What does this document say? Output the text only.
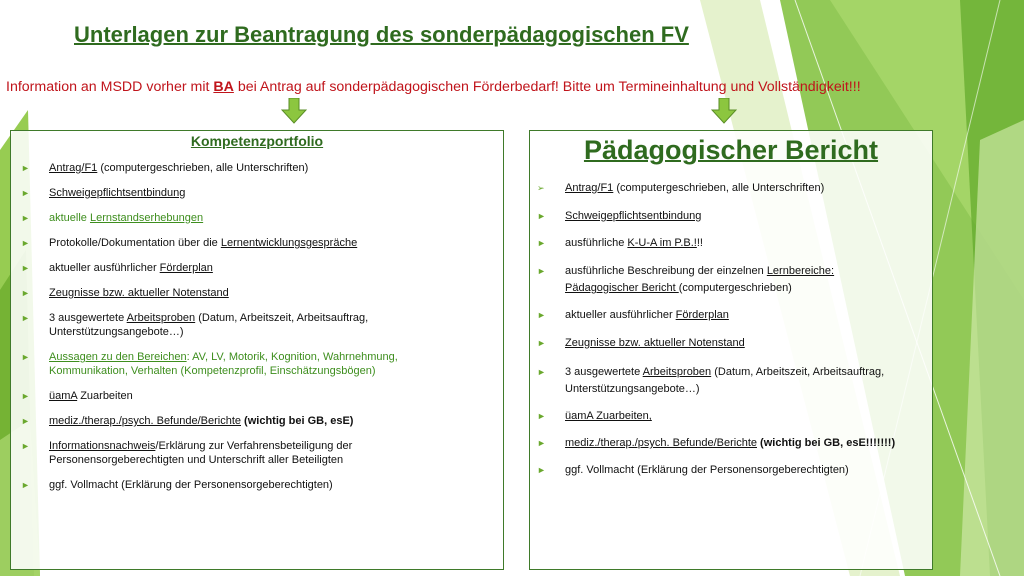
Unterlagen zur Beantragung des sonderpädagogischen FV
Information an MSDD vorher mit BA bei Antrag auf sonderpädagogischen Förderbedarf! Bitte um Termineinhaltung und Vollständigkeit!!!
Kompetenzportfolio
► Antrag/F1 (computergeschrieben, alle Unterschriften)
► Schweigepflichtsentbindung
► aktuelle Lernstandserhebungen
► Protokolle/Dokumentation über die Lernentwicklungsgespräche
► aktueller ausführlicher Förderplan
► Zeugnisse bzw. aktueller Notenstand
► 3 ausgewertete Arbeitsproben (Datum, Arbeitszeit, Arbeitsauftrag,
Unterstützungsangebote…)
► Aussagen zu den Bereichen: AV, LV, Motorik, Kognition, Wahrnehmung,
Kommunikation, Verhalten (Kompetenzprofil, Einschätzungsbögen)
► üamA Zuarbeiten
► mediz./therap./psych. Befunde/Berichte (wichtig bei GB, esE)
► Informationsnachweis/Erklärung zur Verfahrensbeteiligung der
Personensorgeberechtigten und Unterschrift aller Beteiligten
► ggf. Vollmacht (Erklärung der Personensorgeberechtigten)
Pädagogischer Bericht
➢ Antrag/F1 (computergeschrieben, alle Unterschriften)
► Schweigepflichtsentbindung
► ausführliche K-U-A im P.B.!!!
► ausführliche Beschreibung der einzelnen Lernbereiche:
Pädagogischer Bericht (computergeschrieben)
► aktueller ausführlicher Förderplan
► Zeugnisse bzw. aktueller Notenstand
► 3 ausgewertete Arbeitsproben (Datum, Arbeitszeit, Arbeitsauftrag,
Unterstützungsangebote…)
► üamA Zuarbeiten,
► mediz./therap./psych. Befunde/Berichte (wichtig bei GB, esE!!!!!!!)
► ggf. Vollmacht (Erklärung der Personensorgeberechtigten)
